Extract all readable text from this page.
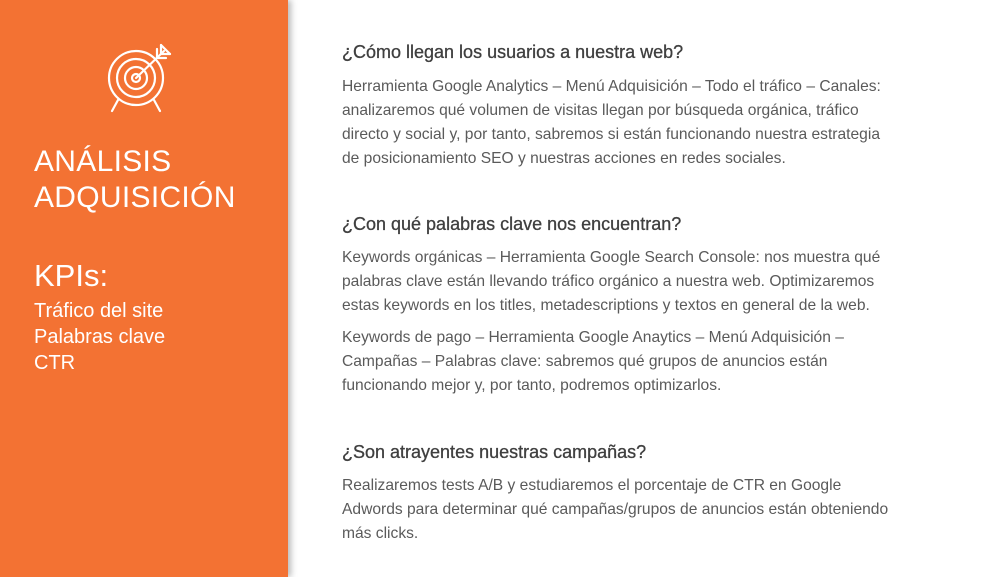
ANÁLISIS
ADQUISICIÓN
KPIs:
Tráfico del site
Palabras clave
CTR
¿Cómo llegan los usuarios a nuestra web?

Herramienta Google Analytics – Menú Adquisición – Todo el tráfico – Canales:
analizaremos qué volumen de visitas llegan por búsqueda orgánica, tráfico
directo y social y, por tanto, sabremos si están funcionando nuestra estrategia
de posicionamiento SEO y nuestras acciones en redes sociales.

¿Con qué palabras clave nos encuentran?

Keywords orgánicas – Herramienta Google Search Console: nos muestra qué
palabras clave están llevando tráfico orgánico a nuestra web. Optimizaremos
estas keywords en los titles, metadescriptions y textos en general de la web.

Keywords de pago – Herramienta Google Anaytics – Menú Adquisición –
Campañas – Palabras clave: sabremos qué grupos de anuncios están
funcionando mejor y, por tanto, podremos optimizarlos.

¿Son atrayentes nuestras campañas?

Realizaremos tests A/B y estudiaremos el porcentaje de CTR en Google
Adwords para determinar qué campañas/grupos de anuncios están obteniendo
más clicks.
